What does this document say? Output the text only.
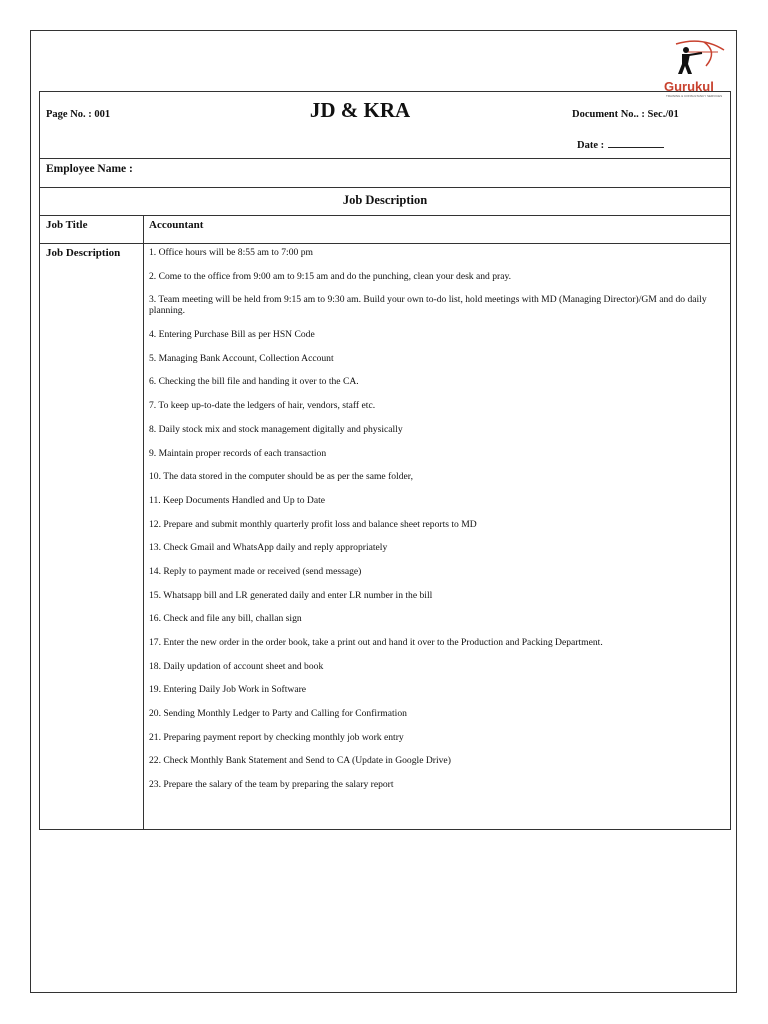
Gurukul
TRAINING & CONSULTANCY SERVICES
Page No. : 001	JD & KRA	Document No.. : Sec./01
Date :
Employee Name :
Job Description
Job Title	Accountant
Job Description	1. Office hours will be 8:55 am to 7:00 pm
2. Come to the office from 9:00 am to 9:15 am and do the punching, clean your desk and pray.
3. Team meeting will be held from 9:15 am to 9:30 am. Build your own to-do list, hold meetings with MD (Managing Director)/GM and do daily planning.
4. Entering Purchase Bill as per HSN Code
5. Managing Bank Account, Collection Account
6. Checking the bill file and handing it over to the CA.
7. To keep up-to-date the ledgers of hair, vendors, staff etc.
8. Daily stock mix and stock management digitally and physically
9. Maintain proper records of each transaction
10. The data stored in the computer should be as per the same folder,
11. Keep Documents Handled and Up to Date
12. Prepare and submit monthly quarterly profit loss and balance sheet reports to MD
13. Check Gmail and WhatsApp daily and reply appropriately
14. Reply to payment made or received (send message)
15. Whatsapp bill and LR generated daily and enter LR number in the bill
16. Check and file any bill, challan sign
17. Enter the new order in the order book, take a print out and hand it over to the Production and Packing Department.
18. Daily updation of account sheet and book
19. Entering Daily Job Work in Software
20. Sending Monthly Ledger to Party and Calling for Confirmation
21. Preparing payment report by checking monthly job work entry
22. Check Monthly Bank Statement and Send to CA (Update in Google Drive)
23. Prepare the salary of the team by preparing the salary report
